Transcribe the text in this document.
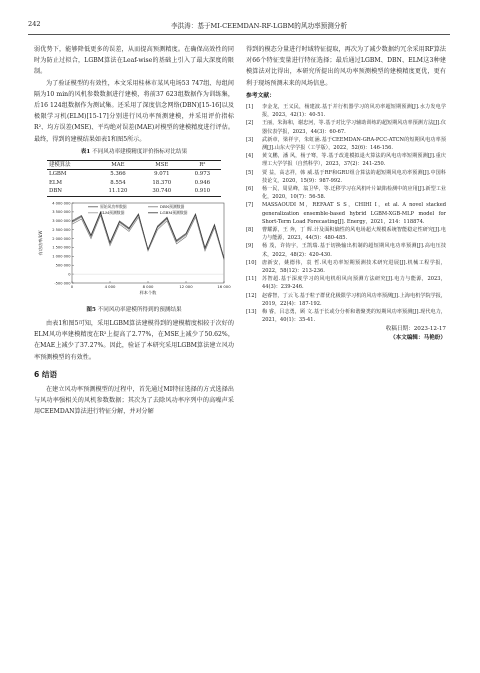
242	李洪涛：基于MI-CEEMDAN-RF-LGBM的风功率预测分析

弱优势下，能够降低更多的误差，从而提高预测精度。在确保高效性的同时为防止过拟合，LGBM算法在Leaf-wise的基础上引入了最大深度的限制。

为了验证模型的有效性，本文采用桂林市某风电场53 747组、每组间隔为10 min的风机参数数据进行建模，将前37 623组数据作为训练集，后16 124组数据作为测试集。还采用了深度信念网络(DBN)[15-16]以及极限学习机(ELM)[15-17]分别进行风功率预测建模，并采用评价指标R²、均方误差(MSE)、平均绝对误差(MAE)对模型的建模精度进行评估。最终，得到的建模结果如表1和图5所示。

表1 不同风功率建模精度评价指标对比结果
建模算法	MAE	MSE	R²
LGBM	5.366	9.071	0.973
ELM	8.554	18.370	0.946
DBN	11.120	30.740	0.910
4 000 000
3 500 000
3 000 000
2 500 000
2 000 000
1 500 000
1 000 000
500 000
0
-500 000
0	4 000	8 000	12 000	16 000
样本个数
有功功率/kW
原始风功率数据	DBN预测数据
ELM预测数据	LGBM预测数据
图5 不同风功率建模所得到的预测结果

由表1和图5可知，采用LGBM算法建模得到的建模精度相较于次好的ELM风功率建模精度在R²上提高了2.77%，在MSE上减少了50.62%，在MAE上减少了37.27%。因此，验证了本研究采用LGBM算法建立风功率预测模型的有效性。

6 结语

在建立风功率预测模型的过程中，首先通过MI特征选择的方式选择出与风功率强相关的风机参数数据；其次为了去除风功率序列中的高噪声采用CEEMDAN算法进行特征分解，并对分解

得到的模态分量进行时域特征提取，再次为了减少数据约冗余采用RF算法对66个特征变量进行特征选择；最后通过LGBM、DBN、ELM这3种建模算法对比得出，本研究所提出的风功率预测模型的建模精度更优，更有利于现场预测未来的风场信息。

参考文献：
[1]	李金龙，王义民，杨建波.基于并行机器学习的风功率超短期预测[J].水力发电学报，2023，42(1)：40-51.
[2]	王丽，朱海和，谢忠河，等.基于对比学习辅助训练的超短期风功率预测方法[J].仪器仪表学报，2023，44(3)：60-67.
[3]	武新章，梁祥宇，朱虹涵.基于CEEMDAN-GRA-PCC-ATCN的短期风电功率预测[J].山东大学学报（工学版），2022，52(6)：146-156.
[4]	黄文鹏，潘 风，杨子骞，等.基于改进模拟退火算法的风电功率短期预测[J].重庆理工大学学报（自然科学），2023，37(2)：241-250.
[5]	贾 益，高志祥，韩 威.基于RF和GRU组合算法的超短期风电功率预测[J].中国科技论文，2020，15(9)：987-992.
[6]	杨一民，周显峰，翁卫华，等.迁移学习在风机叶片缺陷检测中的应用[J].新型工业化，2020，10(7)：56-58.
[7]	MASSAOUDI M，REFAAT S S，CHIHI I，et al. A novel stacked generalization ensemble-based hybrid LGBM-XGB-MLP model for Short-Term Load Forecasting[J]. Energy，2021，214：118874.
[8]	曹耀源，王 奔，丁 辉.计及面积熵性的风电场超大规模系统智能稳定性研究[J].电力与能源，2023，44(5)：480-485.
[9]	杨 茂，许钧宇，王凯瑞.基于切换输出机制的超短期风电功率预测[J].高电压技术，2022，48(2)：420-430.
[10]	唐新安，姚德伟，袁 哲.风电功率短期预测技术研究进展[J].机械工程学报，2022，58(12)：213-236.
[11]	苏智超.基于深度学习的风电机组风向预测方法研究[J].电力与能源，2023，44(3)：239-246.
[12]	赵睿智，丁云飞.基于粒子群优化极限学习机的风功率预测[J].上海电机学院学报，2019，22(4)：187-192.
[13]	梅 睿，吕志勇，顾 文.基于长或分分析和谐聚类的短期风功率预测[J].现代电力，2021，40(1)：35-41.
收稿日期：2023-12-17
（本文编辑：马艳纷）
